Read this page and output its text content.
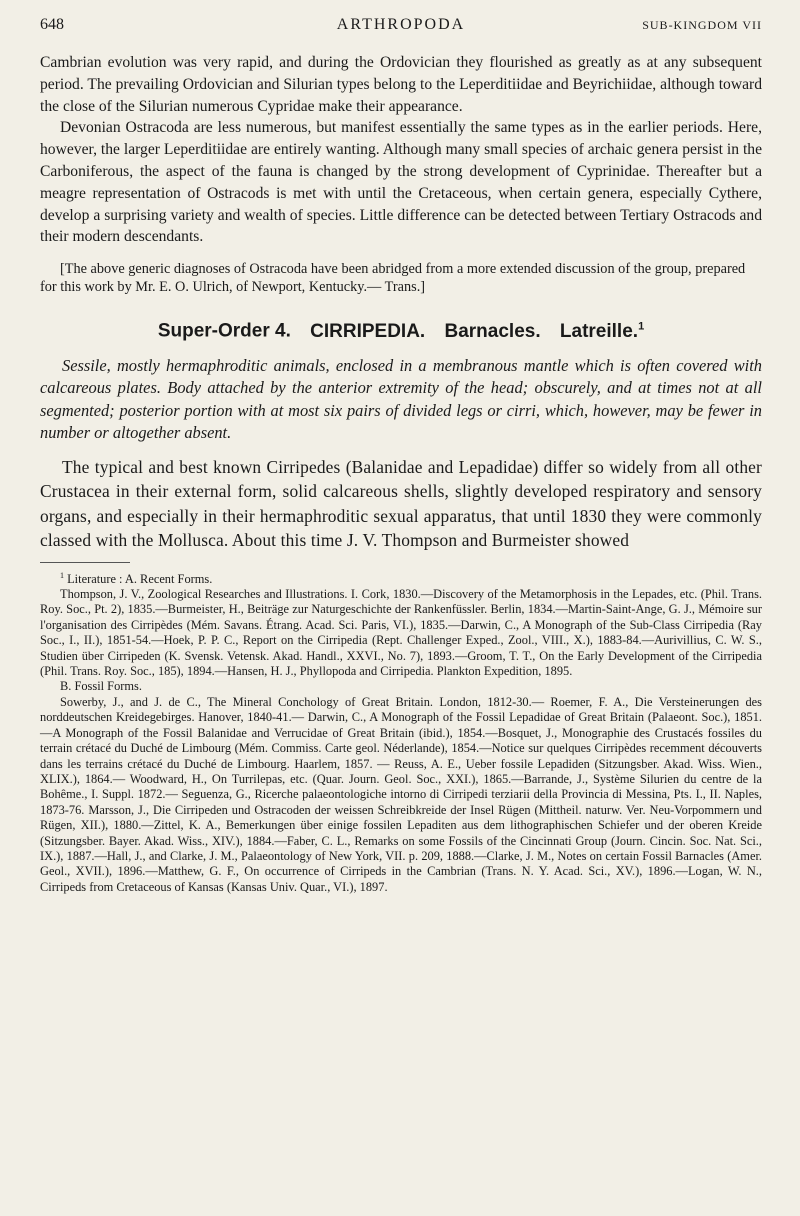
648	ARTHROPODA	SUB-KINGDOM VII

Cambrian evolution was very rapid, and during the Ordovician they flourished as greatly as at any subsequent period. The prevailing Ordovician and Silurian types belong to the Leperditiidae and Beyrichiidae, although toward the close of the Silurian numerous Cypridae make their appearance.

Devonian Ostracoda are less numerous, but manifest essentially the same types as in the earlier periods. Here, however, the larger Leperditiidae are entirely wanting. Although many small species of archaic genera persist in the Carboniferous, the aspect of the fauna is changed by the strong development of Cyprinidae. Thereafter but a meagre representation of Ostracods is met with until the Cretaceous, when certain genera, especially Cythere, develop a surprising variety and wealth of species. Little difference can be detected between Tertiary Ostracods and their modern descendants.

[The above generic diagnoses of Ostracoda have been abridged from a more extended discussion of the group, prepared for this work by Mr. E. O. Ulrich, of Newport, Kentucky.— Trans.]

Super-Order 4. CIRRIPEDIA. Barnacles. Latreille.$^1$

Sessile, mostly hermaphroditic animals, enclosed in a membranous mantle which is often covered with calcareous plates. Body attached by the anterior extremity of the head; obscurely, and at times not at all segmented; posterior portion with at most six pairs of divided legs or cirri, which, however, may be fewer in number or altogether absent.

The typical and best known Cirripedes (Balanidae and Lepadidae) differ so widely from all other Crustacea in their external form, solid calcareous shells, slightly developed respiratory and sensory organs, and especially in their hermaphroditic sexual apparatus, that until 1830 they were commonly classed with the Mollusca. About this time J. V. Thompson and Burmeister showed

$^1$ Literature : A. Recent Forms.

Thompson, J. V., Zoological Researches and Illustrations. I. Cork, 1830.—Discovery of the Metamorphosis in the Lepades, etc. (Phil. Trans. Roy. Soc., Pt. 2), 1835.—Burmeister, H., Beiträge zur Naturgeschichte der Rankenfüssler. Berlin, 1834.—Martin-Saint-Ange, G. J., Mémoire sur l'organisation des Cirripèdes (Mém. Savans. Étrang. Acad. Sci. Paris, VI.), 1835.—Darwin, C., A Monograph of the Sub-Class Cirripedia (Ray Soc., I., II.), 1851-54.—Hoek, P. P. C., Report on the Cirripedia (Rept. Challenger Exped., Zool., VIII., X.), 1883-84.—Aurivillius, C. W. S., Studien über Cirripeden (K. Svensk. Vetensk. Akad. Handl., XXVI., No. 7), 1893.—Groom, T. T., On the Early Development of the Cirripedia (Phil. Trans. Roy. Soc., 185), 1894.—Hansen, H. J., Phyllopoda and Cirripedia. Plankton Expedition, 1895.

B. Fossil Forms.

Sowerby, J., and J. de C., The Mineral Conchology of Great Britain. London, 1812-30.— Roemer, F. A., Die Versteinerungen des norddeutschen Kreidegebirges. Hanover, 1840-41.— Darwin, C., A Monograph of the Fossil Lepadidae of Great Britain (Palaeont. Soc.), 1851.—A Monograph of the Fossil Balanidae and Verrucidae of Great Britain (ibid.), 1854.—Bosquet, J., Monographie des Crustacés fossiles du terrain crétacé du Duché de Limbourg (Mém. Commiss. Carte geol. Néderlande), 1854.—Notice sur quelques Cirripèdes recemment découverts dans les terrains crétacé du Duché de Limbourg. Haarlem, 1857. — Reuss, A. E., Ueber fossile Lepadiden (Sitzungsber. Akad. Wiss. Wien., XLIX.), 1864.— Woodward, H., On Turrilepas, etc. (Quar. Journ. Geol. Soc., XXI.), 1865.—Barrande, J., Système Silurien du centre de la Bohême., I. Suppl. 1872.— Seguenza, G., Ricerche palaeontologiche intorno di Cirripedi terziarii della Provincia di Messina, Pts. I., II. Naples, 1873-76. Marsson, J., Die Cirripeden und Ostracoden der weissen Schreibkreide der Insel Rügen (Mittheil. naturw. Ver. Neu-Vorpommern und Rügen, XII.), 1880.—Zittel, K. A., Bemerkungen über einige fossilen Lepaditen aus dem lithographischen Schiefer und der oberen Kreide (Sitzungsber. Bayer. Akad. Wiss., XIV.), 1884.—Faber, C. L., Remarks on some Fossils of the Cincinnati Group (Journ. Cincin. Soc. Nat. Sci., IX.), 1887.—Hall, J., and Clarke, J. M., Palaeontology of New York, VII. p. 209, 1888.—Clarke, J. M., Notes on certain Fossil Barnacles (Amer. Geol., XVII.), 1896.—Matthew, G. F., On occurrence of Cirripeds in the Cambrian (Trans. N. Y. Acad. Sci., XV.), 1896.—Logan, W. N., Cirripeds from Cretaceous of Kansas (Kansas Univ. Quar., VI.), 1897.
